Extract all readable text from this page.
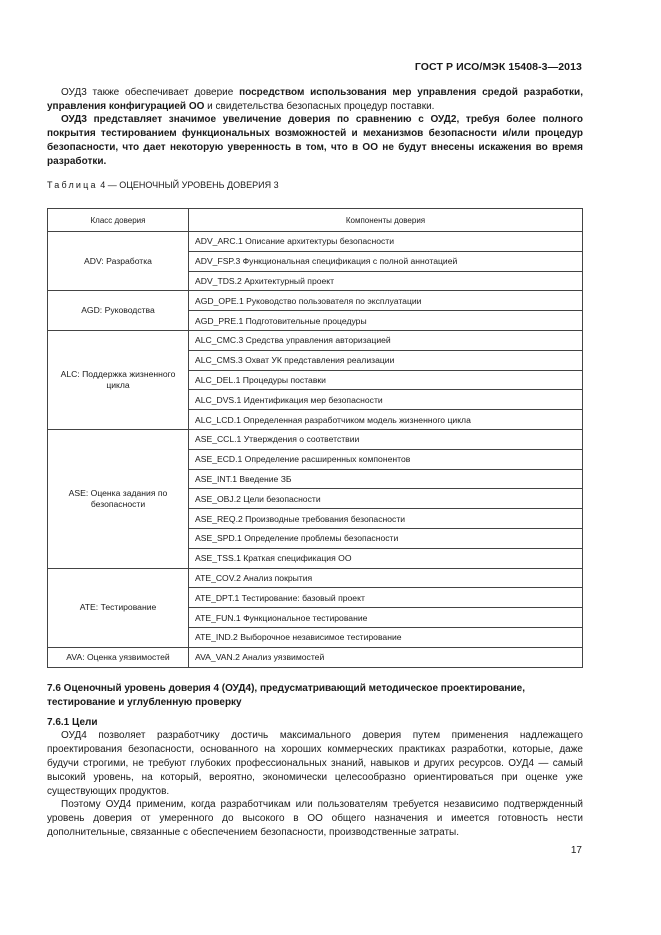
ГОСТ Р ИСО/МЭК 15408-3—2013
ОУД3 также обеспечивает доверие посредством использования мер управления средой разработки, управления конфигурацией ОО и свидетельства безопасных процедур поставки.
ОУД3 представляет значимое увеличение доверия по сравнению с ОУД2, требуя более полного покрытия тестированием функциональных возможностей и механизмов безопасности и/или процедур безопасности, что дает некоторую уверенность в том, что в ОО не будут внесены искажения во время разработки.
Таблица 4 — ОЦЕНОЧНЫЙ УРОВЕНЬ ДОВЕРИЯ 3
Класс доверия	Компоненты доверия
ADV: Разработка	ADV_ARC.1 Описание архитектуры безопасности
	ADV_FSP.3 Функциональная спецификация с полной аннотацией
	ADV_TDS.2 Архитектурный проект
AGD: Руководства	AGD_OPE.1 Руководство пользователя по эксплуатации
	AGD_PRE.1 Подготовительные процедуры
ALC: Поддержка жизненного цикла	ALC_CMC.3 Средства управления авторизацией
	ALC_CMS.3 Охват УК представления реализации
	ALC_DEL.1 Процедуры поставки
	ALC_DVS.1 Идентификация мер безопасности
	ALC_LCD.1 Определенная разработчиком модель жизненного цикла
ASE: Оценка задания по безопасности	ASE_CCL.1 Утверждения о соответствии
	ASE_ECD.1 Определение расширенных компонентов
	ASE_INT.1 Введение ЗБ
	ASE_OBJ.2 Цели безопасности
	ASE_REQ.2 Производные требования безопасности
	ASE_SPD.1 Определение проблемы безопасности
	ASE_TSS.1 Краткая спецификация ОО
ATE: Тестирование	ATE_COV.2 Анализ покрытия
	ATE_DPT.1 Тестирование: базовый проект
	ATE_FUN.1 Функциональное тестирование
	ATE_IND.2 Выборочное независимое тестирование
AVA: Оценка уязвимостей	AVA_VAN.2 Анализ уязвимостей
7.6 Оценочный уровень доверия 4 (ОУД4), предусматривающий методическое проектирование, тестирование и углубленную проверку
7.6.1 Цели
ОУД4 позволяет разработчику достичь максимального доверия путем применения надлежащего проектирования безопасности, основанного на хороших коммерческих практиках разработки, которые, даже будучи строгими, не требуют глубоких профессиональных знаний, навыков и других ресурсов. ОУД4 — самый высокий уровень, на который, вероятно, экономически целесообразно ориентироваться при оценке уже существующих продуктов.
Поэтому ОУД4 применим, когда разработчикам или пользователям требуется независимо подтвержденный уровень доверия от умеренного до высокого в ОО общего назначения и имеется готовность нести дополнительные, связанные с обеспечением безопасности, производственные затраты.
17
